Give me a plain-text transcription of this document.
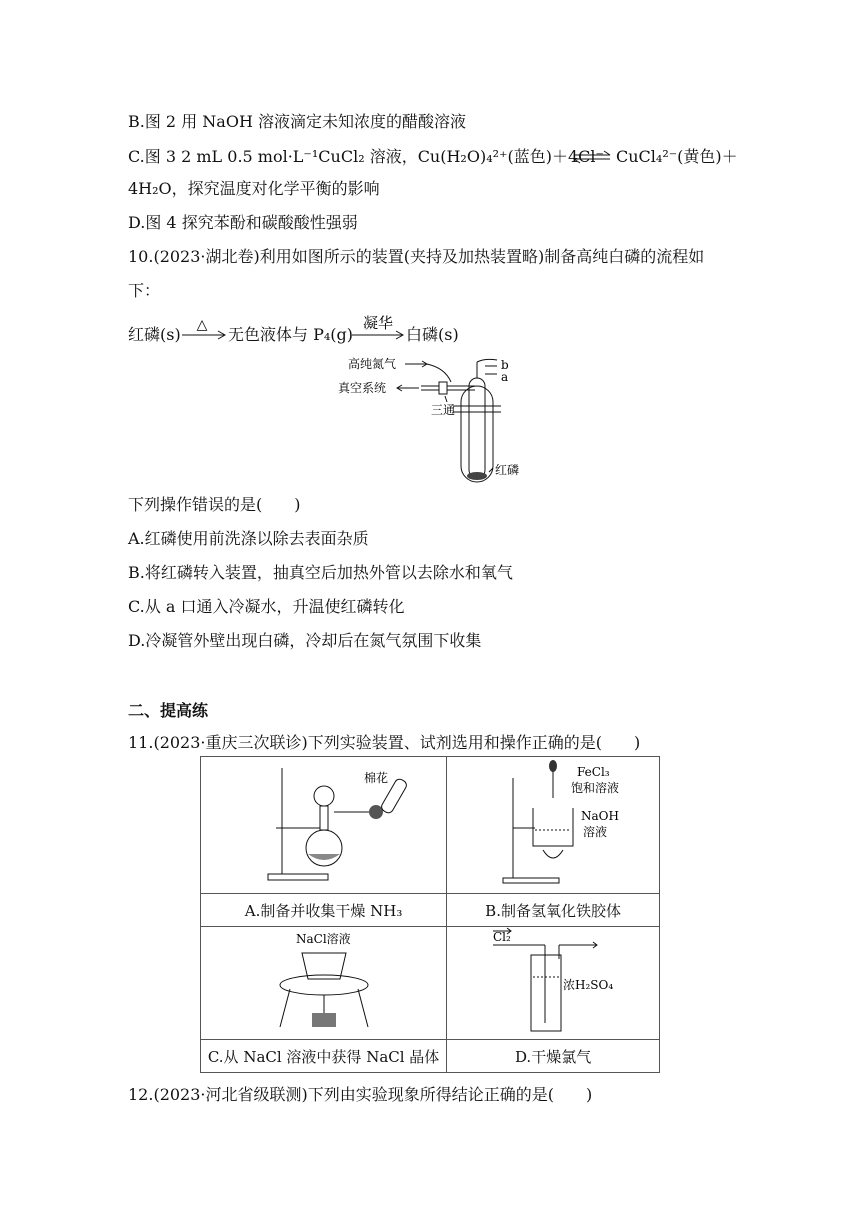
B.图 2 用 NaOH 溶液滴定未知浓度的醋酸溶液
C.图 3 2 mL 0.5 mol·L⁻¹CuCl₂ 溶液，Cu(H₂O)₄²⁺(蓝色)＋4Cl⁻ ⇌ CuCl₄²⁻(黄色)＋
4H₂O，探究温度对化学平衡的影响
D.图 4 探究苯酚和碳酸酸性强弱
10.(2023·湖北卷)利用如图所示的装置(夹持及加热装置略)制备高纯白磷的流程如
下：
红磷(s) △ 无色液体与 P₄(g)
凝华
白磷(s)
高纯氮气
真空系统
三通
b
a
红磷
下列操作错误的是(　　)
A.红磷使用前洗涤以除去表面杂质
B.将红磷转入装置，抽真空后加热外管以去除水和氧气
C.从 a 口通入冷凝水，升温使红磷转化
D.冷凝管外壁出现白磷，冷却后在氮气氛围下收集
二、提高练
11.(2023·重庆三次联诊)下列实验装置、试剂选用和操作正确的是(　　)
棉花	FeCl₃
饱和溶液
NaOH
溶液

A.制备并收集干燥 NH₃	B.制备氢氧化铁胶体

NaCl溶液	Cl₂
浓H₂SO₄

C.从 NaCl 溶液中获得 NaCl 晶体	D.干燥氯气
12.(2023·河北省级联测)下列由实验现象所得结论正确的是(　　)
